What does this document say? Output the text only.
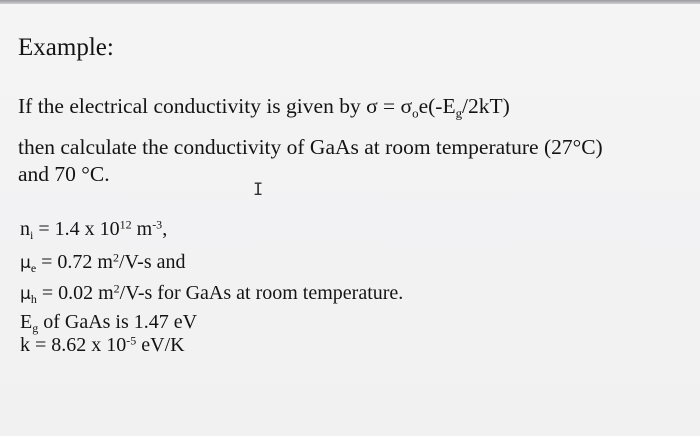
Example:
If the electrical conductivity is given by $\sigma = \sigma_oe(-E_g/2kT)$
then calculate the conductivity of GaAs at room temperature (27°C)
and 70 °C.
I
$n_i = 1.4$ x $10^{12}$ $m^{-3}$,
$\mu_e = 0.72$ $m^2/V-s$ and
$\mu_h = 0.02$ $m^2/V-s$ for GaAs at room temperature.
$E_g$ of GaAs is 1.47 eV
k = 8.62 x $10^{-5}$ eV/K
